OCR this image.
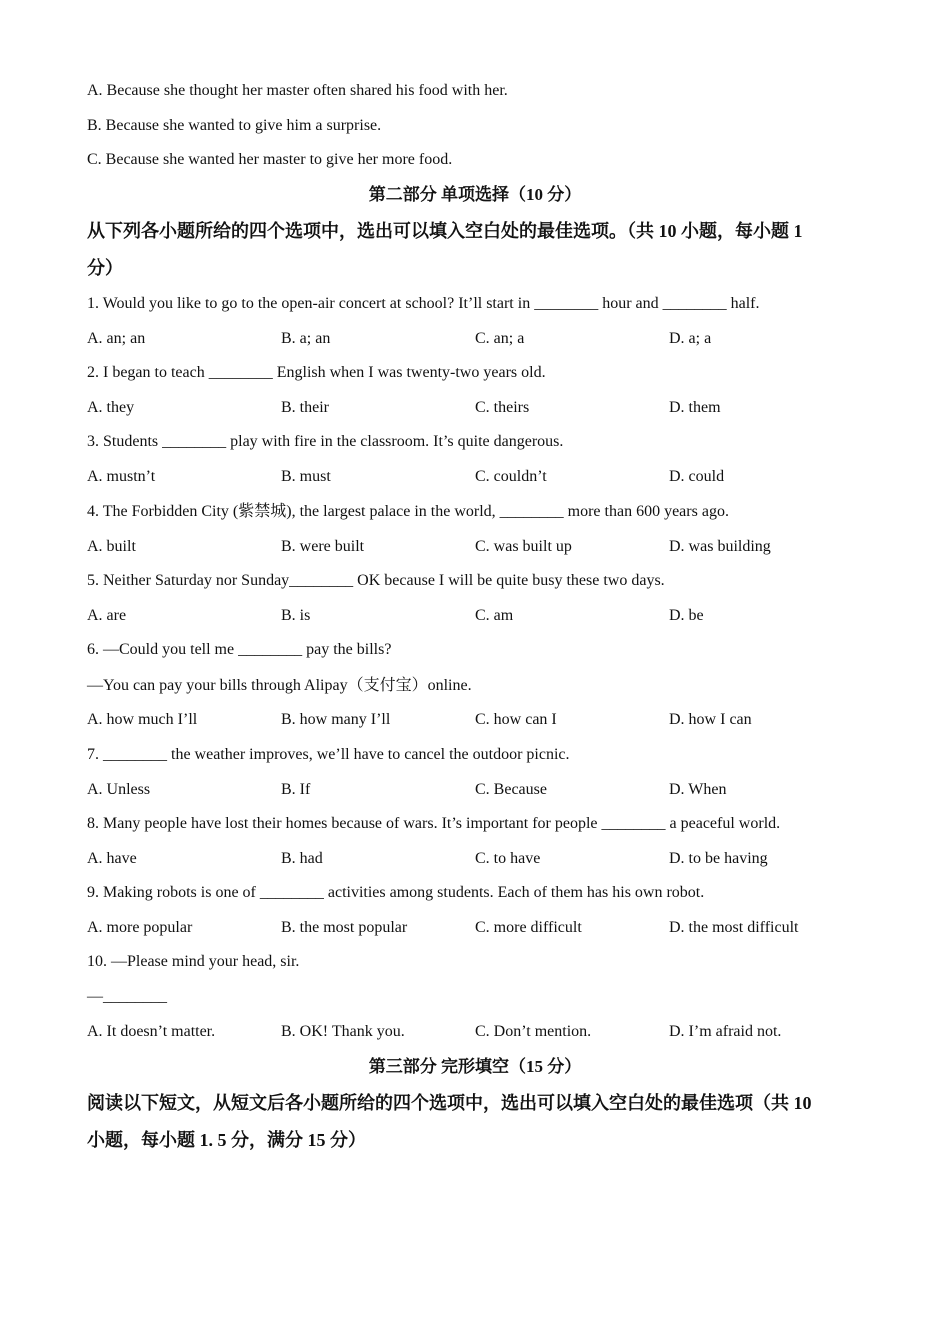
A. Because she thought her master often shared his food with her.
B. Because she wanted to give him a surprise.
C. Because she wanted her master to give her more food.
第二部分 单项选择（10 分）
从下列各小题所给的四个选项中，选出可以填入空白处的最佳选项。（共 10 小题，每小题 1
分）
1. Would you like to go to the open-air concert at school? It’ll start in ________ hour and ________ half.
A. an; an	B. a; an	C. an; a	D. a; a
2. I began to teach ________ English when I was twenty-two years old.
A. they	B. their	C. theirs	D. them
3. Students ________ play with fire in the classroom. It’s quite dangerous.
A. mustn’t	B. must	C. couldn’t	D. could
4. The Forbidden City (紫禁城), the largest palace in the world, ________ more than 600 years ago.
A. built	B. were built	C. was built up	D. was building
5. Neither Saturday nor Sunday________ OK because I will be quite busy these two days.
A. are	B. is	C. am	D. be
6. —Could you tell me ________ pay the bills?
—You can pay your bills through Alipay（支付宝）online.
A. how much I’ll	B. how many I’ll	C. how can I	D. how I can
7. ________ the weather improves, we’ll have to cancel the outdoor picnic.
A. Unless	B. If	C. Because	D. When
8. Many people have lost their homes because of wars. It’s important for people ________ a peaceful world.
A. have	B. had	C. to have	D. to be having
9. Making robots is one of ________ activities among students. Each of them has his own robot.
A. more popular	B. the most popular	C. more difficult	D. the most difficult
10. —Please mind your head, sir.
—________
A. It doesn’t matter.	B. OK! Thank you.	C. Don’t mention.	D. I’m afraid not.
第三部分 完形填空（15 分）
阅读以下短文，从短文后各小题所给的四个选项中，选出可以填入空白处的最佳选项（共 10
小题，每小题 1. 5 分，满分 15 分）
